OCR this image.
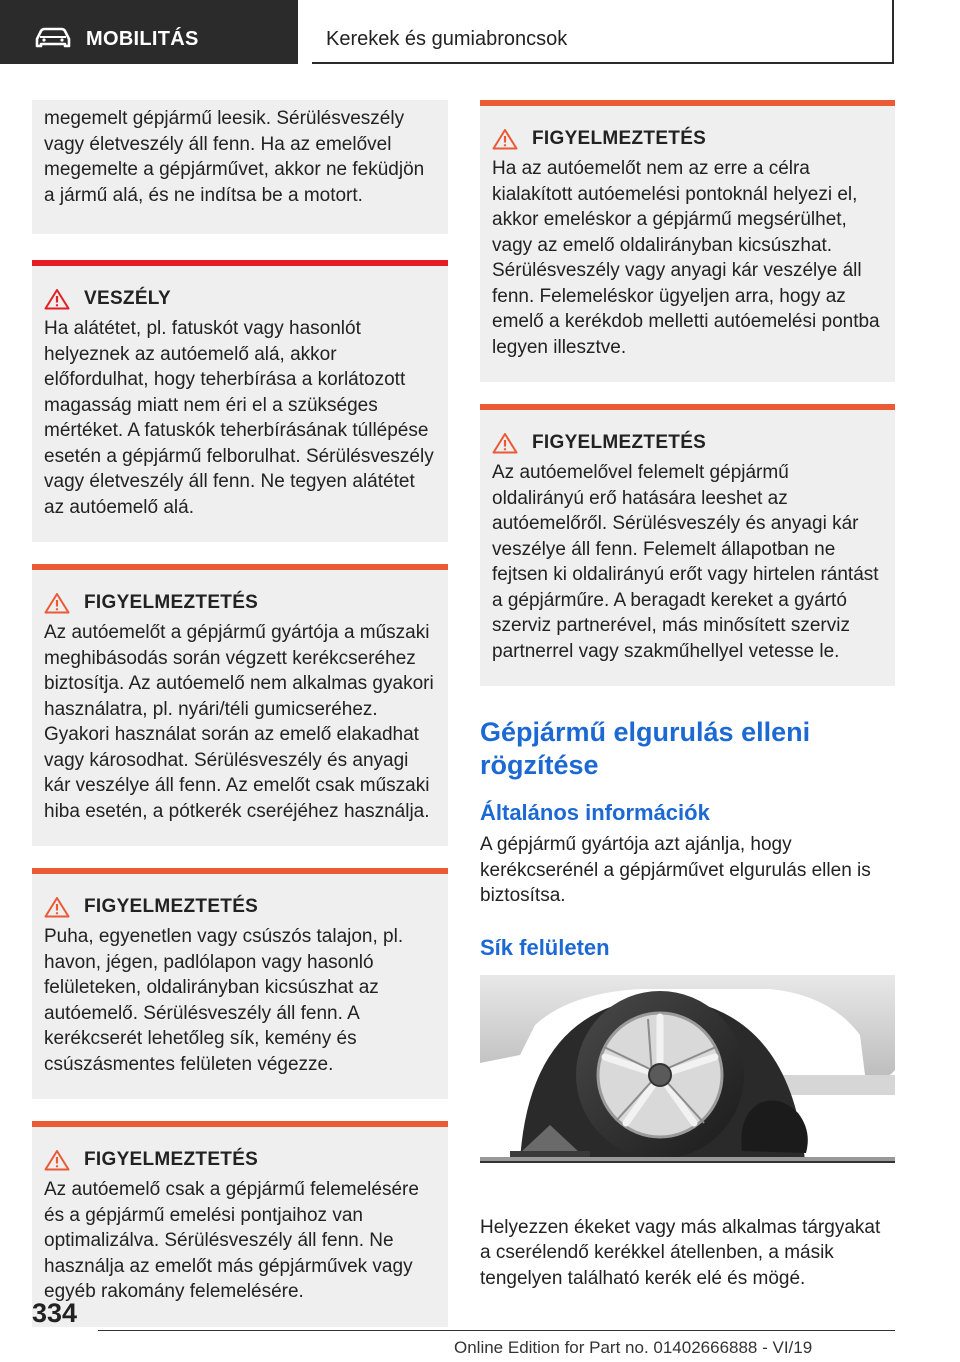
MOBILITÁS	Kerekek és gumiabroncsok

megemelt gépjármű leesik. Sérülésveszély vagy életveszély áll fenn. Ha az emelővel megemelte a gépjárművet, akkor ne feküdjön a jármű alá, és ne indítsa be a motort.

VESZÉLY

Ha alátétet, pl. fatuskót vagy hasonlót helyeznek az autóemelő alá, akkor előfordulhat, hogy teherbírása a korlátozott magasság miatt nem éri el a szükséges mértéket. A fatuskók teherbírásának túllépése esetén a gépjármű felborulhat. Sérülésveszély vagy életveszély áll fenn. Ne tegyen alátétet az autóemelő alá.

FIGYELMEZTETÉS

Az autóemelőt a gépjármű gyártója a műszaki meghibásodás során végzett kerékcseréhez biztosítja. Az autóemelő nem alkalmas gyakori használatra, pl. nyári/téli gumicseréhez. Gyakori használat során az emelő elakadhat vagy károsodhat. Sérülésveszély és anyagi kár veszélye áll fenn. Az emelőt csak műszaki hiba esetén, a pótkerék cseréjéhez használja.

FIGYELMEZTETÉS

Puha, egyenetlen vagy csúszós talajon, pl. havon, jégen, padlólapon vagy hasonló felületeken, oldalirányban kicsúszhat az autóemelő. Sérülésveszély áll fenn. A kerékcserét lehetőleg sík, kemény és csúszásmentes felületen végezze.

FIGYELMEZTETÉS

Az autóemelő csak a gépjármű felemelésére és a gépjármű emelési pontjaihoz van optimalizálva. Sérülésveszély áll fenn. Ne használja az emelőt más gépjárművek vagy egyéb rakomány felemelésére.

FIGYELMEZTETÉS

Ha az autóemelőt nem az erre a célra kialakított autóemelési pontoknál helyezi el, akkor emeléskor a gépjármű megsérülhet, vagy az emelő oldalirányban kicsúszhat. Sérülésveszély vagy anyagi kár veszélye áll fenn. Felemeléskor ügyeljen arra, hogy az emelő a kerékdob melletti autóemelési pontba legyen illesztve.

FIGYELMEZTETÉS

Az autóemelővel felemelt gépjármű oldalirányú erő hatására leeshet az autóemelőről. Sérülésveszély és anyagi kár veszélye áll fenn. Felemelt állapotban ne fejtsen ki oldalirányú erőt vagy hirtelen rántást a gépjárműre. A beragadt kereket a gyártó szerviz partnerével, más minősített szerviz partnerrel vagy szakműhellyel vetesse le.

Gépjármű elgurulás elleni rögzítése
Általános információk

A gépjármű gyártója azt ajánlja, hogy kerékcserénél a gépjárművet elgurulás ellen is biztosítsa.

Sík felületen

Helyezzen ékeket vagy más alkalmas tárgyakat a cserélendő kerékkel átellenben, a másik tengelyen található kerék elé és mögé.

334
Online Edition for Part no. 01402666888 - VI/19
